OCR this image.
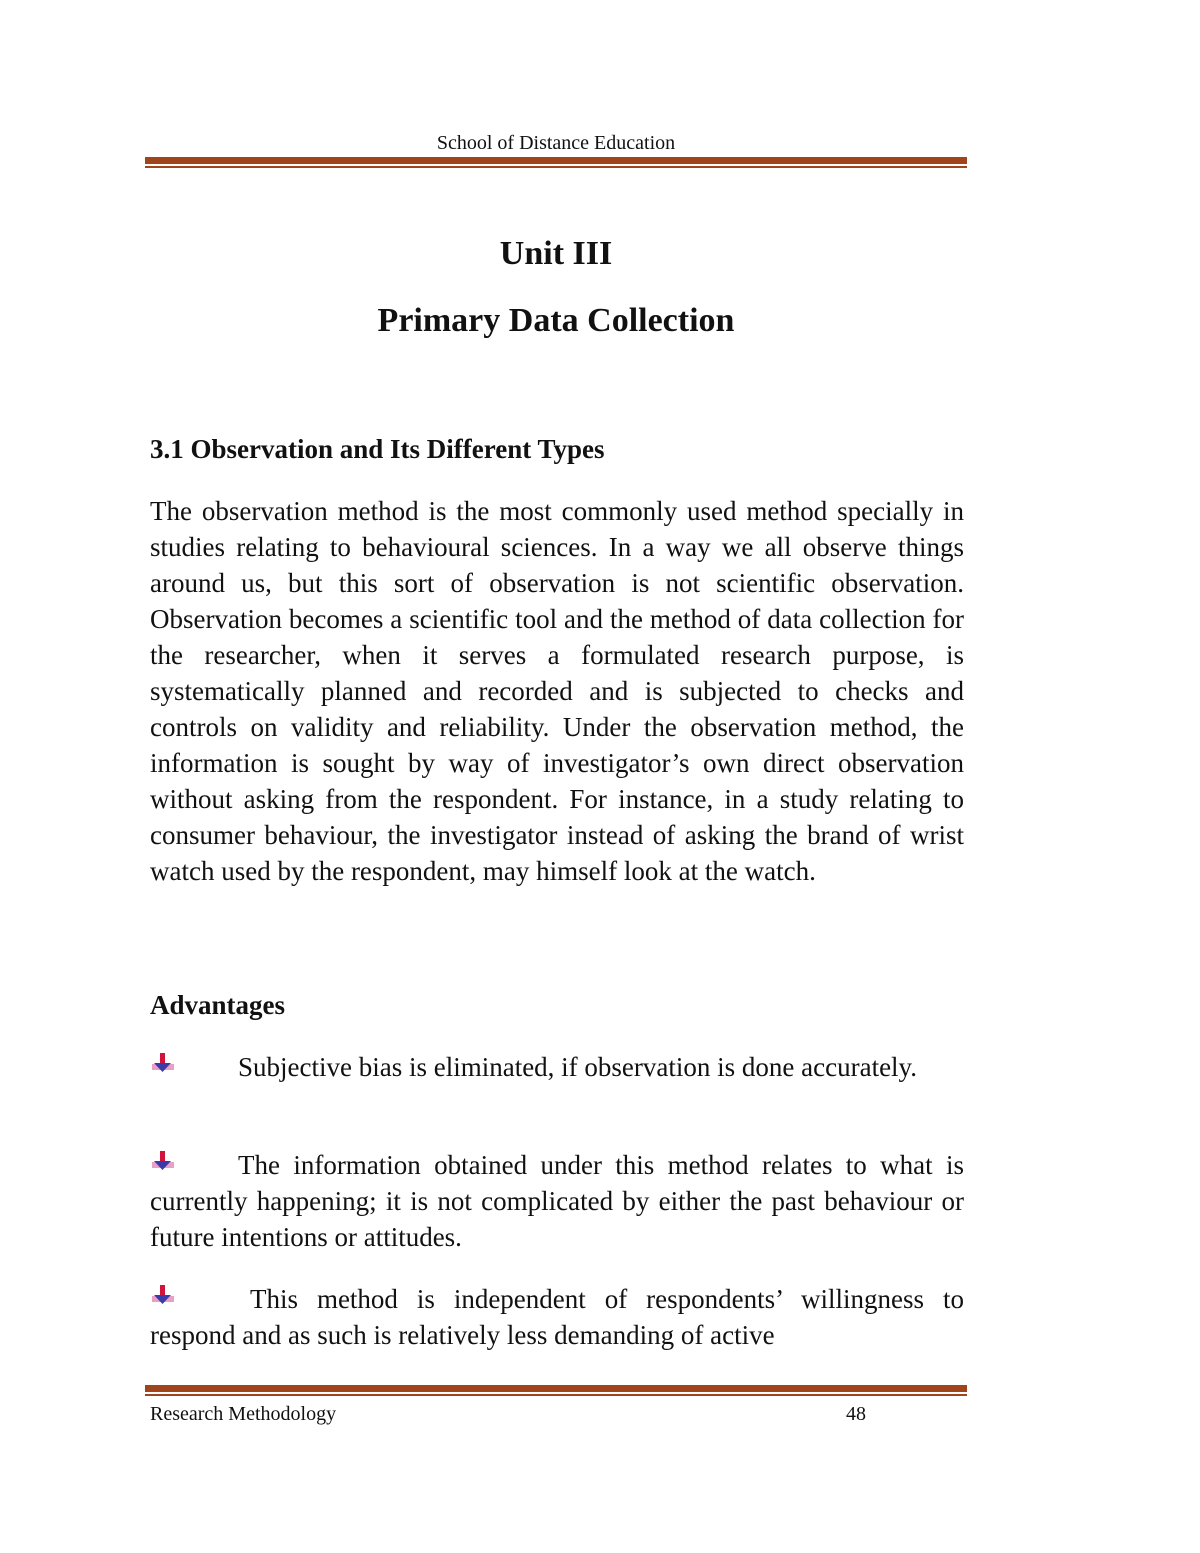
School of Distance Education
Unit III
Primary Data Collection
3.1 Observation and Its Different Types
The observation method is the most commonly used method specially in studies relating to behavioural sciences. In a way we all observe things around us, but this sort of observation is not scientific observation. Observation becomes a scientific tool and the method of data collection for the researcher, when it serves a formulated research purpose, is systematically planned and recorded and is subjected to checks and controls on validity and reliability. Under the observation method, the information is sought by way of investigator’s own direct observation without asking from the respondent. For instance, in a study relating to consumer behaviour, the investigator instead of asking the brand of wrist watch used by the respondent, may himself look at the watch.
Advantages
Subjective bias is eliminated, if observation is done accurately.
The information obtained under this method relates to what is currently happening; it is not complicated by either the past behaviour or future intentions or attitudes.
This method is independent of respondents’ willingness to respond and as such is relatively less demanding of active
Research Methodology	48
